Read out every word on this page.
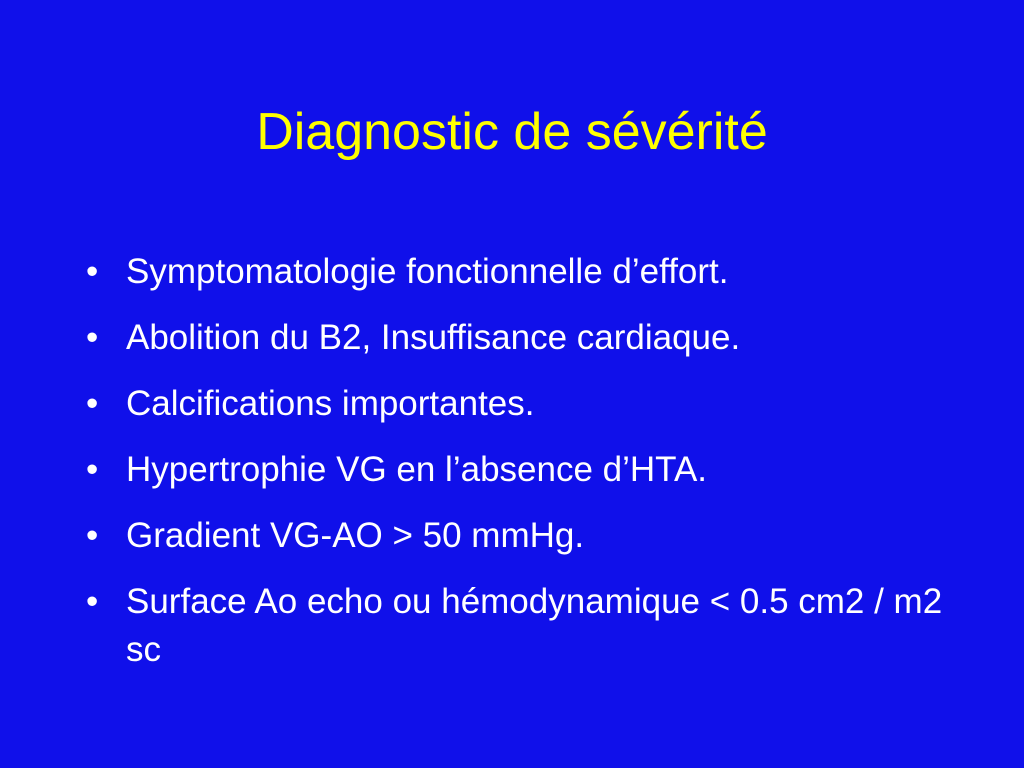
Diagnostic de sévérité
• Symptomatologie fonctionnelle d’effort.
• Abolition du B2, Insuffisance cardiaque.
• Calcifications importantes.
• Hypertrophie VG en l’absence d’HTA.
• Gradient VG-AO > 50 mmHg.
• Surface Ao echo ou hémodynamique < 0.5 cm2 / m2 sc
